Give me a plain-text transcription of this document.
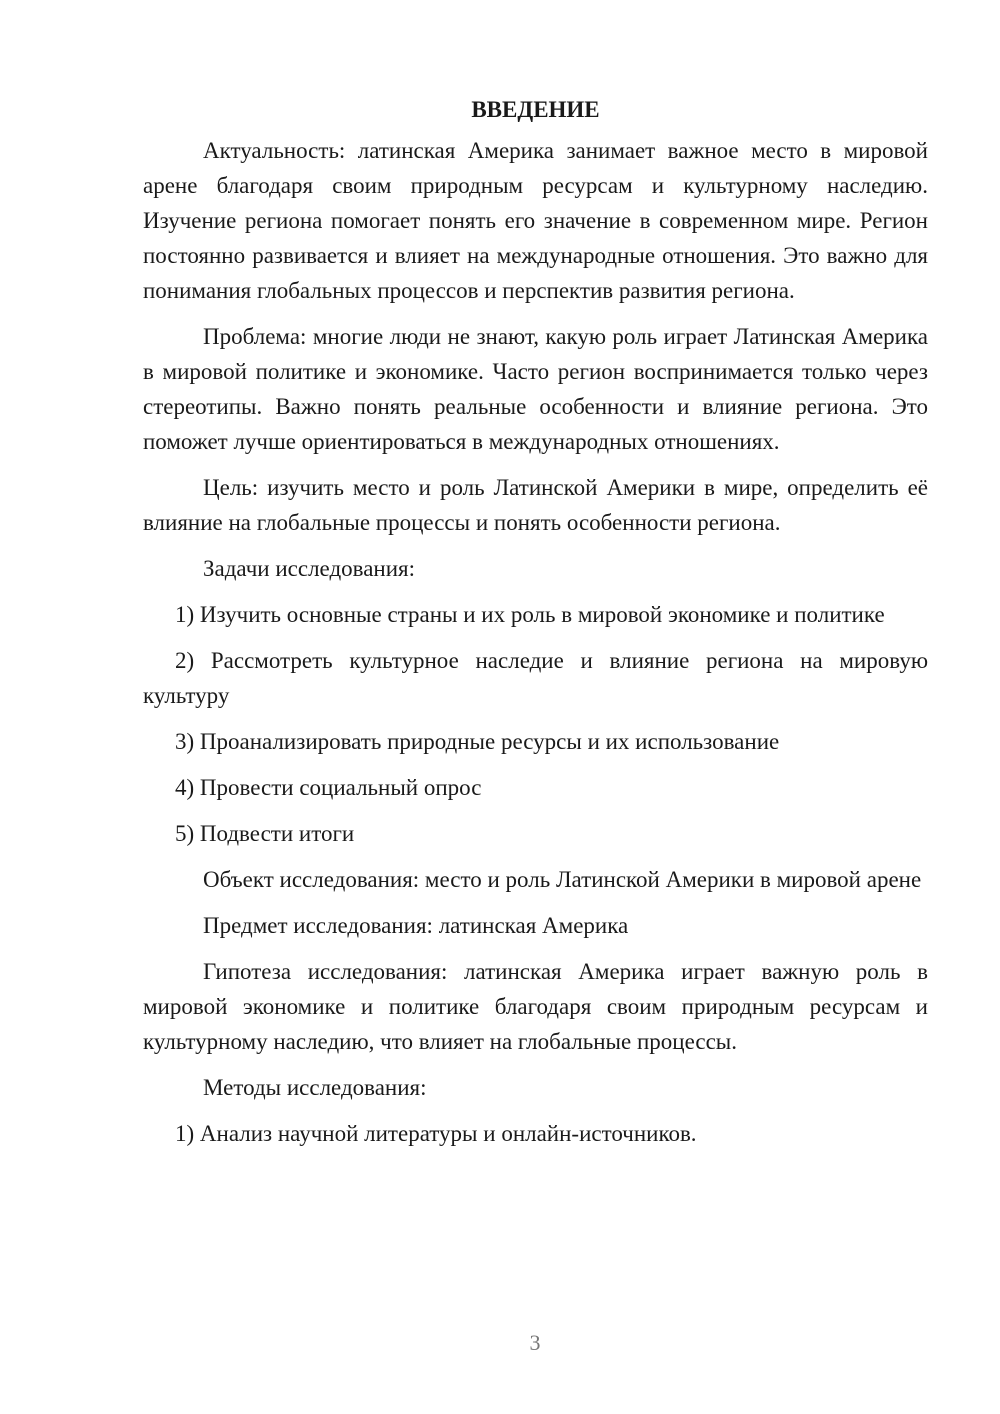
ВВЕДЕНИЕ

Актуальность: латинская Америка занимает важное место в мировой арене благодаря своим природным ресурсам и культурному наследию. Изучение региона помогает понять его значение в современном мире. Регион постоянно развивается и влияет на международные отношения. Это важно для понимания глобальных процессов и перспектив развития региона.

Проблема: многие люди не знают, какую роль играет Латинская Америка в мировой политике и экономике. Часто регион воспринимается только через стереотипы. Важно понять реальные особенности и влияние региона. Это поможет лучше ориентироваться в международных отношениях.

Цель: изучить место и роль Латинской Америки в мире, определить её влияние на глобальные процессы и понять особенности региона.

Задачи исследования:

1) Изучить основные страны и их роль в мировой экономике и политике

2) Рассмотреть культурное наследие и влияние региона на мировую культуру

3) Проанализировать природные ресурсы и их использование

4) Провести социальный опрос

5) Подвести итоги

Объект исследования: место и роль Латинской Америки в мировой арене

Предмет исследования: латинская Америка

Гипотеза исследования: латинская Америка играет важную роль в мировой экономике и политике благодаря своим природным ресурсам и культурному наследию, что влияет на глобальные процессы.

Методы исследования:

1) Анализ научной литературы и онлайн-источников.

3
